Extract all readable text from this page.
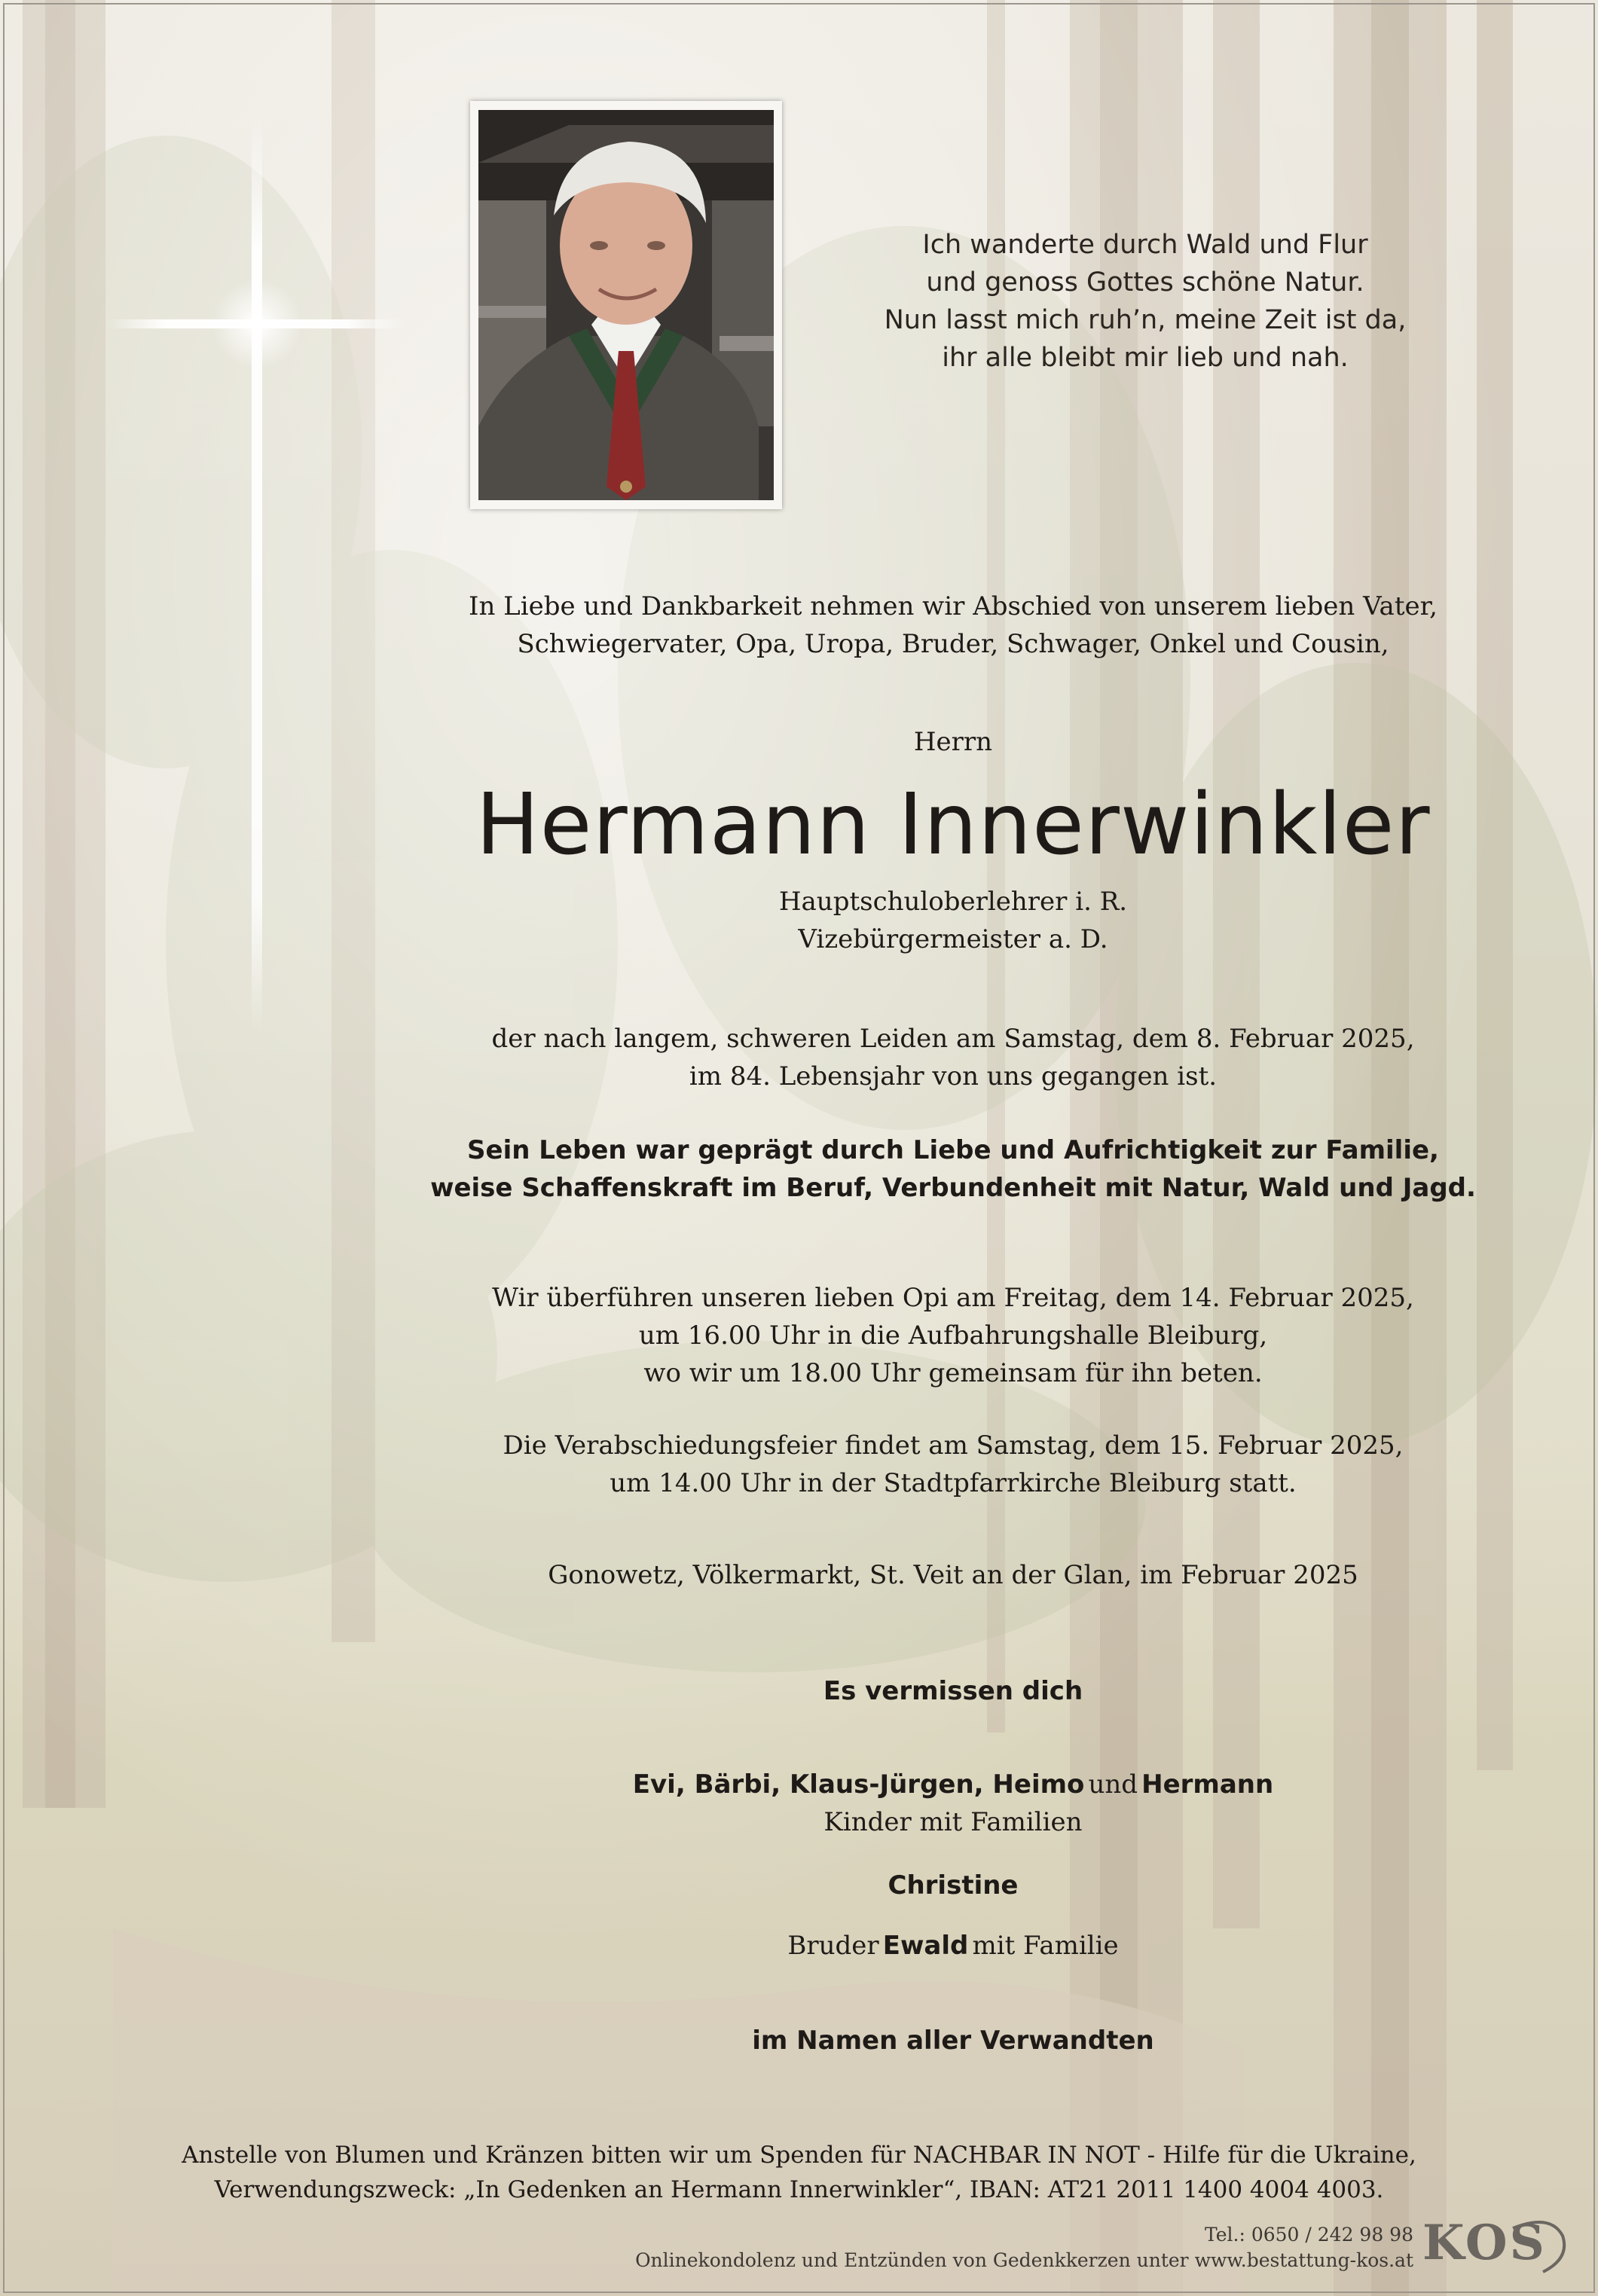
Ich wanderte durch Wald und Flur
und genoss Gottes schöne Natur.
Nun lasst mich ruh’n, meine Zeit ist da,
ihr alle bleibt mir lieb und nah.
In Liebe und Dankbarkeit nehmen wir Abschied von unserem lieben Vater,
Schwiegervater, Opa, Uropa, Bruder, Schwager, Onkel und Cousin,
Herrn
Hermann Innerwinkler
Hauptschuloberlehrer i. R.
Vizebürgermeister a. D.
der nach langem, schweren Leiden am Samstag, dem 8. Februar 2025,
im 84. Lebensjahr von uns gegangen ist.
Sein Leben war geprägt durch Liebe und Aufrichtigkeit zur Familie,
weise Schaffenskraft im Beruf, Verbundenheit mit Natur, Wald und Jagd.
Wir überführen unseren lieben Opi am Freitag, dem 14. Februar 2025,
um 16.00 Uhr in die Aufbahrungshalle Bleiburg,
wo wir um 18.00 Uhr gemeinsam für ihn beten.
Die Verabschiedungsfeier findet am Samstag, dem 15. Februar 2025,
um 14.00 Uhr in der Stadtpfarrkirche Bleiburg statt.
Gonowetz, Völkermarkt, St. Veit an der Glan, im Februar 2025
Es vermissen dich
Evi, Bärbi, Klaus-Jürgen, Heimo und Hermann
Kinder mit Familien
Christine
Bruder Ewald mit Familie
im Namen aller Verwandten
Anstelle von Blumen und Kränzen bitten wir um Spenden für NACHBAR IN NOT - Hilfe für die Ukraine,
Verwendungszweck: „In Gedenken an Hermann Innerwinkler“, IBAN: AT21 2011 1400 4004 4003.
Tel.: 0650 / 242 98 98
Onlinekondolenz und Entzünden von Gedenkkerzen unter www.bestattung-kos.at KOS
